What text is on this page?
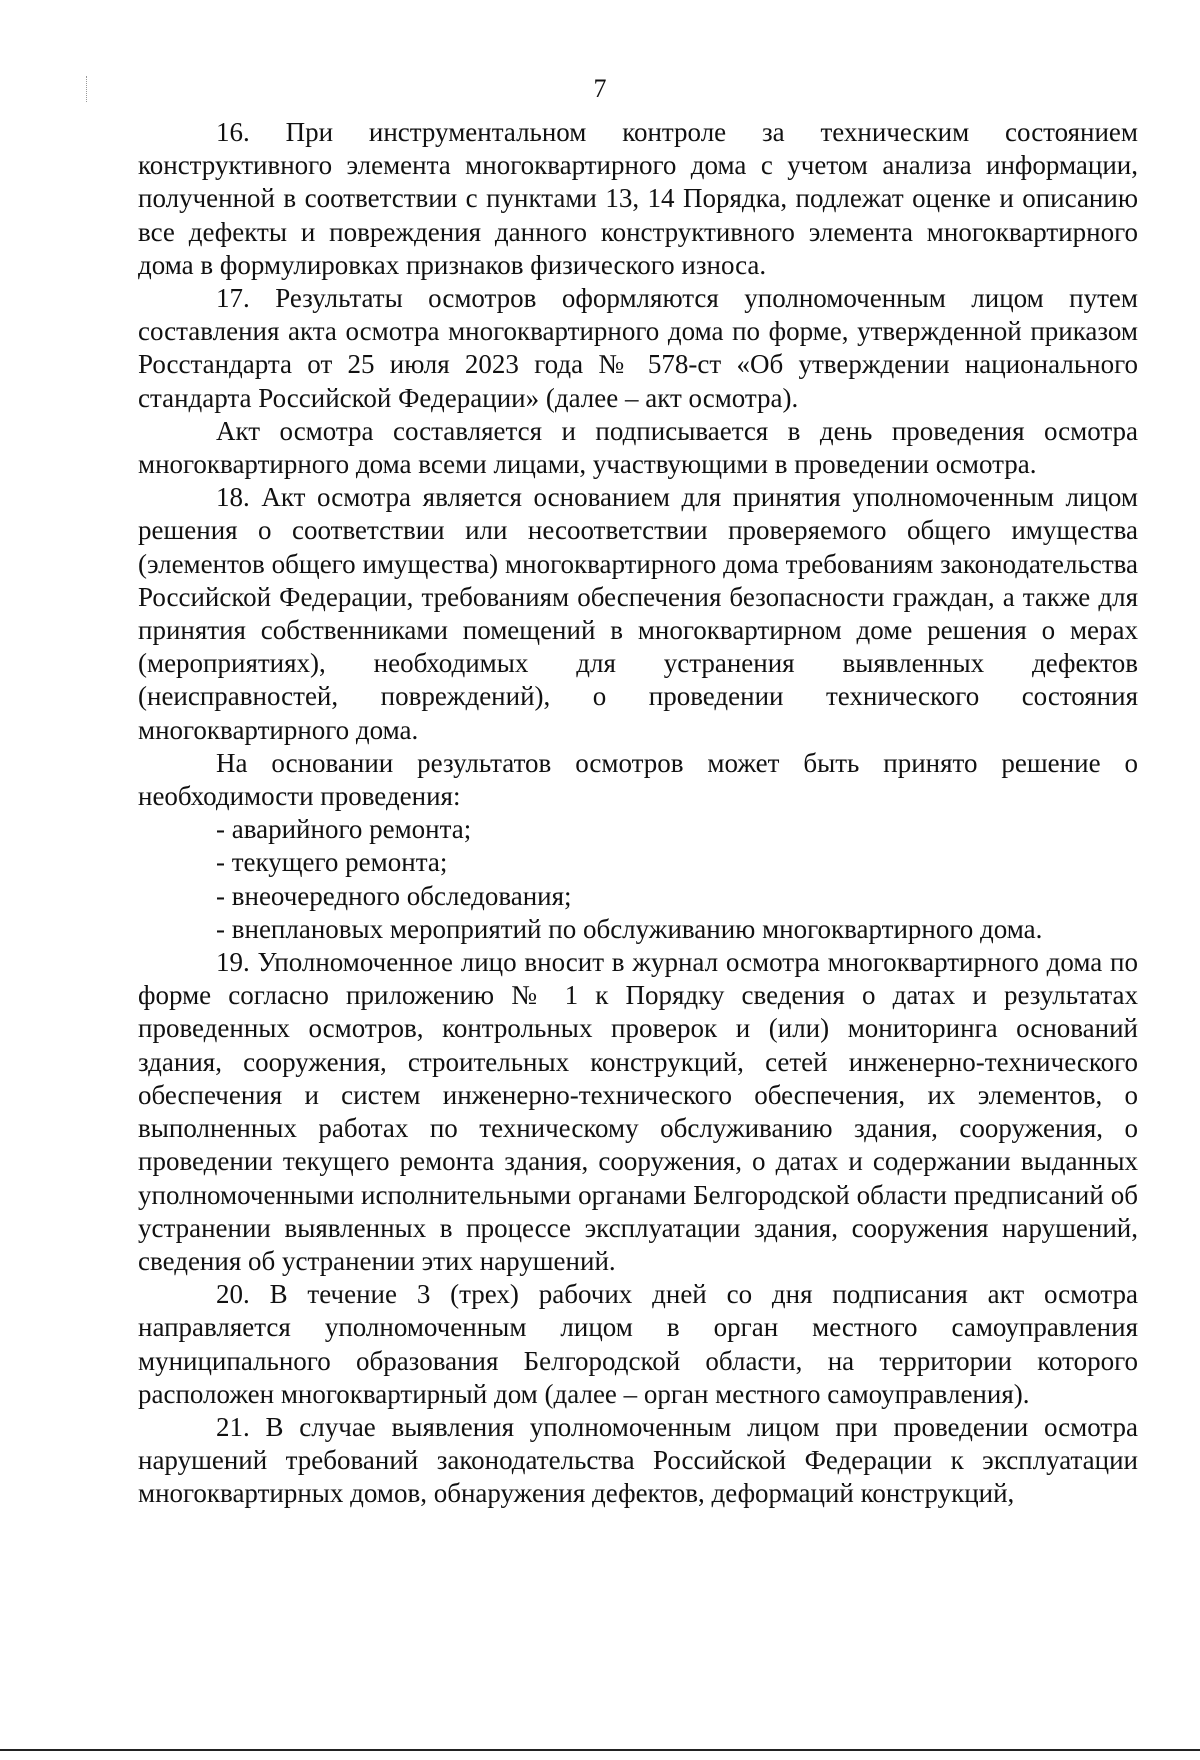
7

16. При инструментальном контроле за техническим состоянием конструктивного элемента многоквартирного дома с учетом анализа информации, полученной в соответствии с пунктами 13, 14 Порядка, подлежат оценке и описанию все дефекты и повреждения данного конструктивного элемента многоквартирного дома в формулировках признаков физического износа.

17. Результаты осмотров оформляются уполномоченным лицом путем составления акта осмотра многоквартирного дома по форме, утвержденной приказом Росстандарта от 25 июля 2023 года № 578-ст «Об утверждении национального стандарта Российской Федерации» (далее – акт осмотра).

Акт осмотра составляется и подписывается в день проведения осмотра многоквартирного дома всеми лицами, участвующими в проведении осмотра.

18. Акт осмотра является основанием для принятия уполномоченным лицом решения о соответствии или несоответствии проверяемого общего имущества (элементов общего имущества) многоквартирного дома требованиям законодательства Российской Федерации, требованиям обеспечения безопасности граждан, а также для принятия собственниками помещений в многоквартирном доме решения о мерах (мероприятиях), необходимых для устранения выявленных дефектов (неисправностей, повреждений), о проведении технического состояния многоквартирного дома.

На основании результатов осмотров может быть принято решение о необходимости проведения:

- аварийного ремонта;

- текущего ремонта;

- внеочередного обследования;

- внеплановых мероприятий по обслуживанию многоквартирного дома.

19. Уполномоченное лицо вносит в журнал осмотра многоквартирного дома по форме согласно приложению № 1 к Порядку сведения о датах и результатах проведенных осмотров, контрольных проверок и (или) мониторинга оснований здания, сооружения, строительных конструкций, сетей инженерно-технического обеспечения и систем инженерно-технического обеспечения, их элементов, о выполненных работах по техническому обслуживанию здания, сооружения, о проведении текущего ремонта здания, сооружения, о датах и содержании выданных уполномоченными исполнительными органами Белгородской области предписаний об устранении выявленных в процессе эксплуатации здания, сооружения нарушений, сведения об устранении этих нарушений.

20. В течение 3 (трех) рабочих дней со дня подписания акт осмотра направляется уполномоченным лицом в орган местного самоуправления муниципального образования Белгородской области, на территории которого расположен многоквартирный дом (далее – орган местного самоуправления).

21. В случае выявления уполномоченным лицом при проведении осмотра нарушений требований законодательства Российской Федерации к эксплуатации многоквартирных домов, обнаружения дефектов, деформаций конструкций,
